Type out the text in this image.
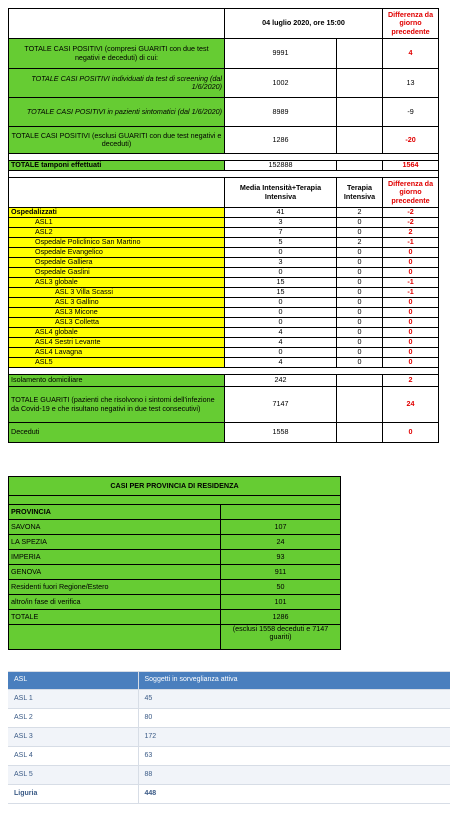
	04 luglio 2020, ore 15:00		Differenza da giorno precedente
TOTALE CASI POSITIVI (compresi GUARITI con due test negativi e deceduti) di cui:	9991		4
TOTALE CASI POSITIVI individuati da test di screening (dal 1/6/2020)	1002		13
TOTALE CASI POSITIVI in pazienti sintomatici (dal 1/6/2020)	8989		-9
TOTALE CASI POSITIVI (esclusi GUARITI con due test negativi e deceduti)	1286		-20

TOTALE tamponi effettuati	152888		1564

	Media Intensità+Terapia Intensiva	Terapia Intensiva	Differenza da giorno precedente
Ospedalizzati	41	2	-2
ASL1	3	0	-2
ASL2	7	0	2
Ospedale Policlinico San Martino	5	2	-1
Ospedale Evangelico	0	0	0
Ospedale Galliera	3	0	0
Ospedale Gaslini	0	0	0
ASL3 globale	15	0	-1
ASL 3 Villa Scassi	15	0	-1
ASL 3 Gallino	0	0	0
ASL3 Micone	0	0	0
ASL3 Colletta	0	0	0
ASL4 globale	4	0	0
ASL4 Sestri Levante	4	0	0
ASL4 Lavagna	0	0	0
ASL5	4	0	0

Isolamento domiciliare	242		2
TOTALE GUARITI (pazienti che risolvono i sintomi dell'infezione da Covid-19 e che risultano negativi in due test consecutivi)	7147		24
Deceduti	1558		0
CASI PER PROVINCIA DI RESIDENZA	

PROVINCIA	
SAVONA	107
LA SPEZIA	24
IMPERIA	93
GENOVA	911
Residenti fuori Regione/Estero	50
altro/in fase di verifica	101
TOTALE	1286
	(esclusi 1558 deceduti e 7147 guariti)
ASL	Soggetti in sorveglianza attiva
ASL 1	45
ASL 2	80
ASL 3	172
ASL 4	63
ASL 5	88
Liguria	448
